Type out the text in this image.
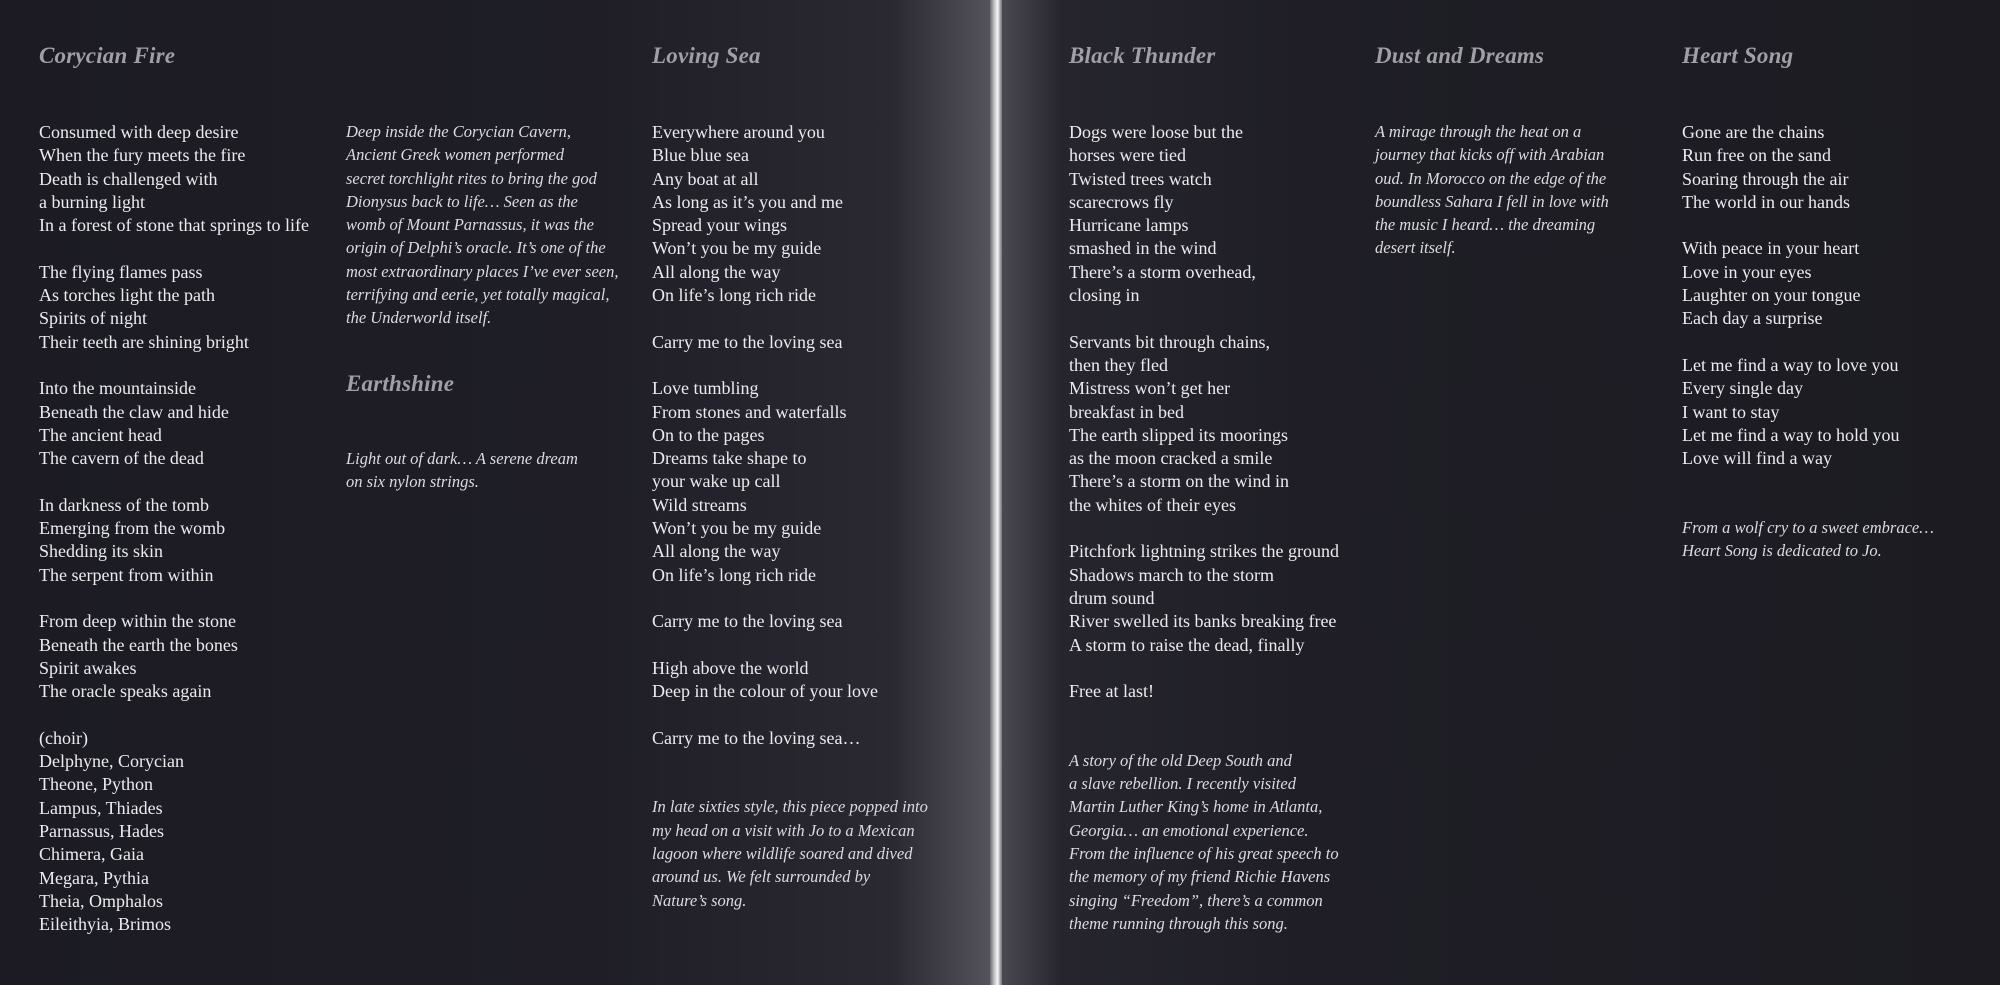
Corycian Fire
Consumed with deep desire
When the fury meets the fire
Death is challenged with
a burning light
In a forest of stone that springs to life
The flying flames pass
As torches light the path
Spirits of night
Their teeth are shining bright
Into the mountainside
Beneath the claw and hide
The ancient head
The cavern of the dead
In darkness of the tomb
Emerging from the womb
Shedding its skin
The serpent from within
From deep within the stone
Beneath the earth the bones
Spirit awakes
The oracle speaks again
(choir)
Delphyne, Corycian
Theone, Python
Lampus, Thiades
Parnassus, Hades
Chimera, Gaia
Megara, Pythia
Theia, Omphalos
Eileithyia, Brimos
Deep inside the Corycian Cavern,
Ancient Greek women performed
secret torchlight rites to bring the god
Dionysus back to life… Seen as the
womb of Mount Parnassus, it was the
origin of Delphi’s oracle. It’s one of the
most extraordinary places I’ve ever seen,
terrifying and eerie, yet totally magical,
the Underworld itself.
Earthshine
Light out of dark… A serene dream
on six nylon strings.
Loving Sea
Everywhere around you
Blue blue sea
Any boat at all
As long as it’s you and me
Spread your wings
Won’t you be my guide
All along the way
On life’s long rich ride
Carry me to the loving sea
Love tumbling
From stones and waterfalls
On to the pages
Dreams take shape to
your wake up call
Wild streams
Won’t you be my guide
All along the way
On life’s long rich ride
Carry me to the loving sea
High above the world
Deep in the colour of your love
Carry me to the loving sea…
In late sixties style, this piece popped into
my head on a visit with Jo to a Mexican
lagoon where wildlife soared and dived
around us. We felt surrounded by
Nature’s song.
Black Thunder
Dogs were loose but the
horses were tied
Twisted trees watch
scarecrows fly
Hurricane lamps
smashed in the wind
There’s a storm overhead,
closing in
Servants bit through chains,
then they fled
Mistress won’t get her
breakfast in bed
The earth slipped its moorings
as the moon cracked a smile
There’s a storm on the wind in
the whites of their eyes
Pitchfork lightning strikes the ground
Shadows march to the storm
drum sound
River swelled its banks breaking free
A storm to raise the dead, finally
Free at last!
A story of the old Deep South and
a slave rebellion. I recently visited
Martin Luther King’s home in Atlanta,
Georgia… an emotional experience.
From the influence of his great speech to
the memory of my friend Richie Havens
singing “Freedom”, there’s a common
theme running through this song.
Dust and Dreams
A mirage through the heat on a
journey that kicks off with Arabian
oud. In Morocco on the edge of the
boundless Sahara I fell in love with
the music I heard… the dreaming
desert itself.
Heart Song
Gone are the chains
Run free on the sand
Soaring through the air
The world in our hands
With peace in your heart
Love in your eyes
Laughter on your tongue
Each day a surprise
Let me find a way to love you
Every single day
I want to stay
Let me find a way to hold you
Love will find a way
From a wolf cry to a sweet embrace…
Heart Song is dedicated to Jo.
